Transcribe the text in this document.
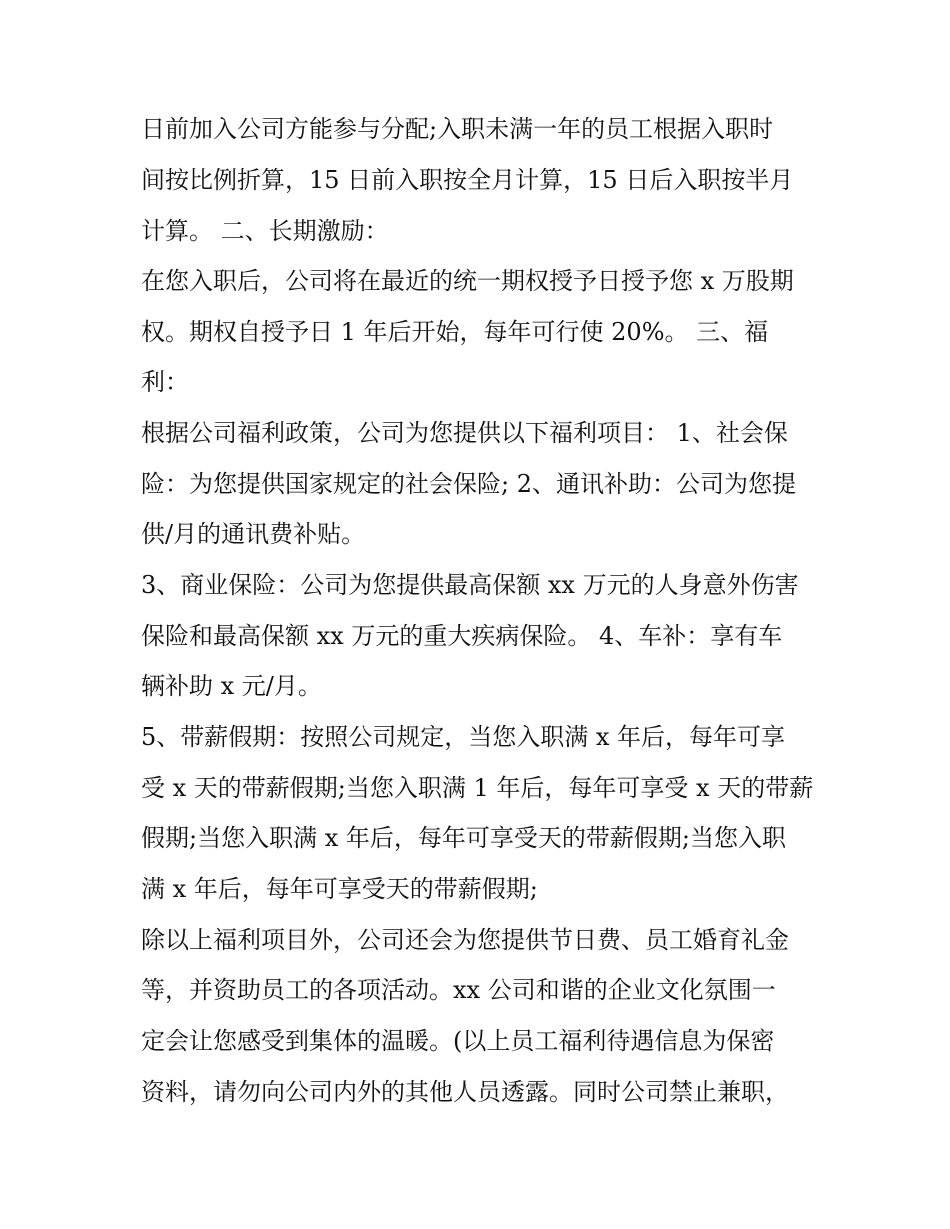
日前加入公司方能参与分配;入职未满一年的员工根据入职时
间按比例折算，15 日前入职按全月计算，15 日后入职按半月
计算。 二、长期激励：
在您入职后，公司将在最近的统一期权授予日授予您 x 万股期
权。期权自授予日 1 年后开始，每年可行使 20%。 三、福
利：
根据公司福利政策，公司为您提供以下福利项目： 1、社会保
险：为您提供国家规定的社会保险; 2、通讯补助：公司为您提
供/月的通讯费补贴。
3、商业保险：公司为您提供最高保额 xx 万元的人身意外伤害
保险和最高保额 xx 万元的重大疾病保险。 4、车补：享有车
辆补助 x 元/月。
5、带薪假期：按照公司规定，当您入职满 x 年后，每年可享
受 x 天的带薪假期;当您入职满 1 年后，每年可享受 x 天的带薪
假期;当您入职满 x 年后，每年可享受天的带薪假期;当您入职
满 x 年后，每年可享受天的带薪假期;
除以上福利项目外，公司还会为您提供节日费、员工婚育礼金
等，并资助员工的各项活动。xx 公司和谐的企业文化氛围一
定会让您感受到集体的温暖。(以上员工福利待遇信息为保密
资料，请勿向公司内外的其他人员透露。同时公司禁止兼职，
